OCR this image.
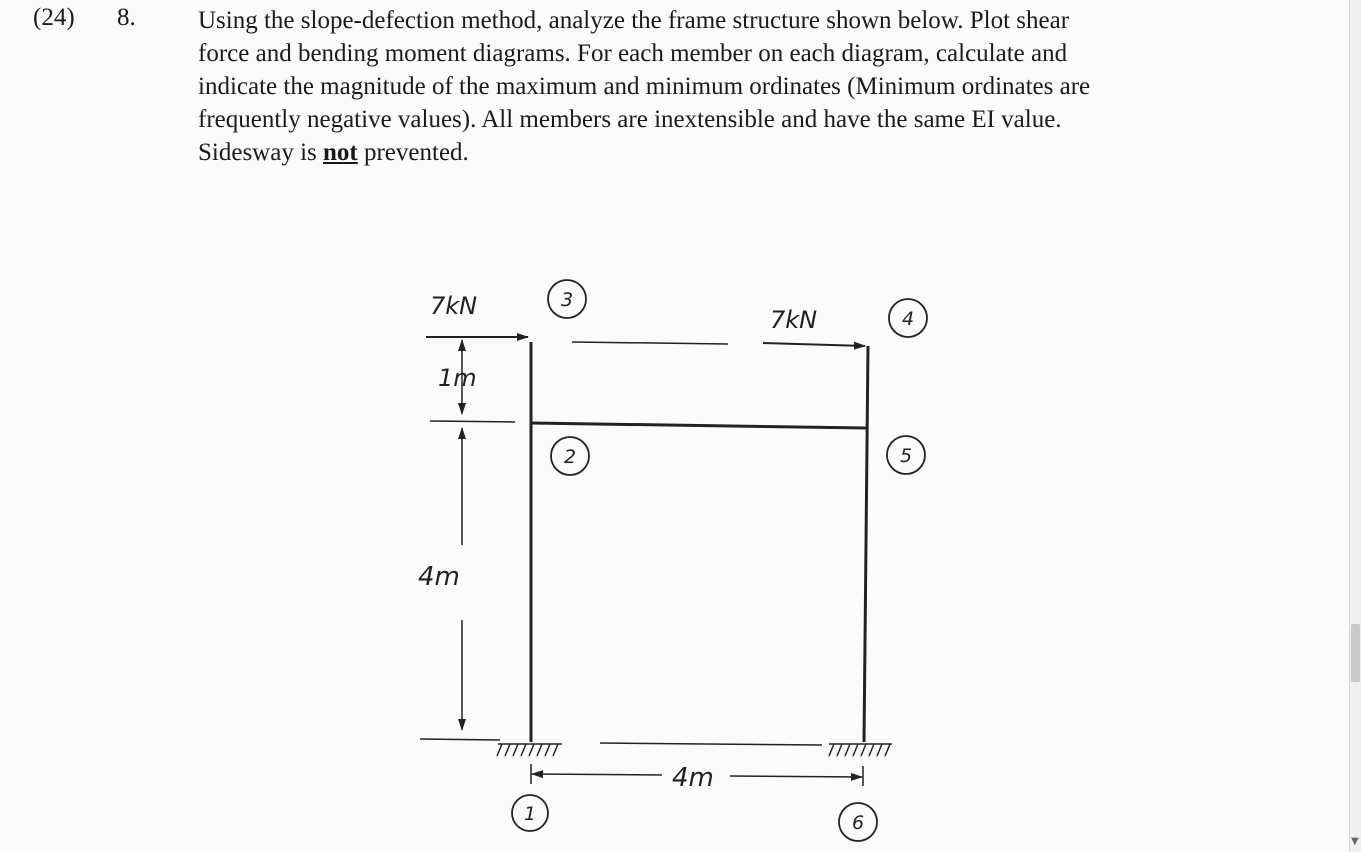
(24) 8. Using the slope-defection method, analyze the frame structure shown below. Plot shear
force and bending moment diagrams. For each member on each diagram, calculate and
indicate the magnitude of the maximum and minimum ordinates (Minimum ordinates are
frequently negative values). All members are inextensible and have the same EI value.
Sidesway is not prevented.
7kN	7kN
1m
4m
4m
1
2
3
4
5
6
▼
